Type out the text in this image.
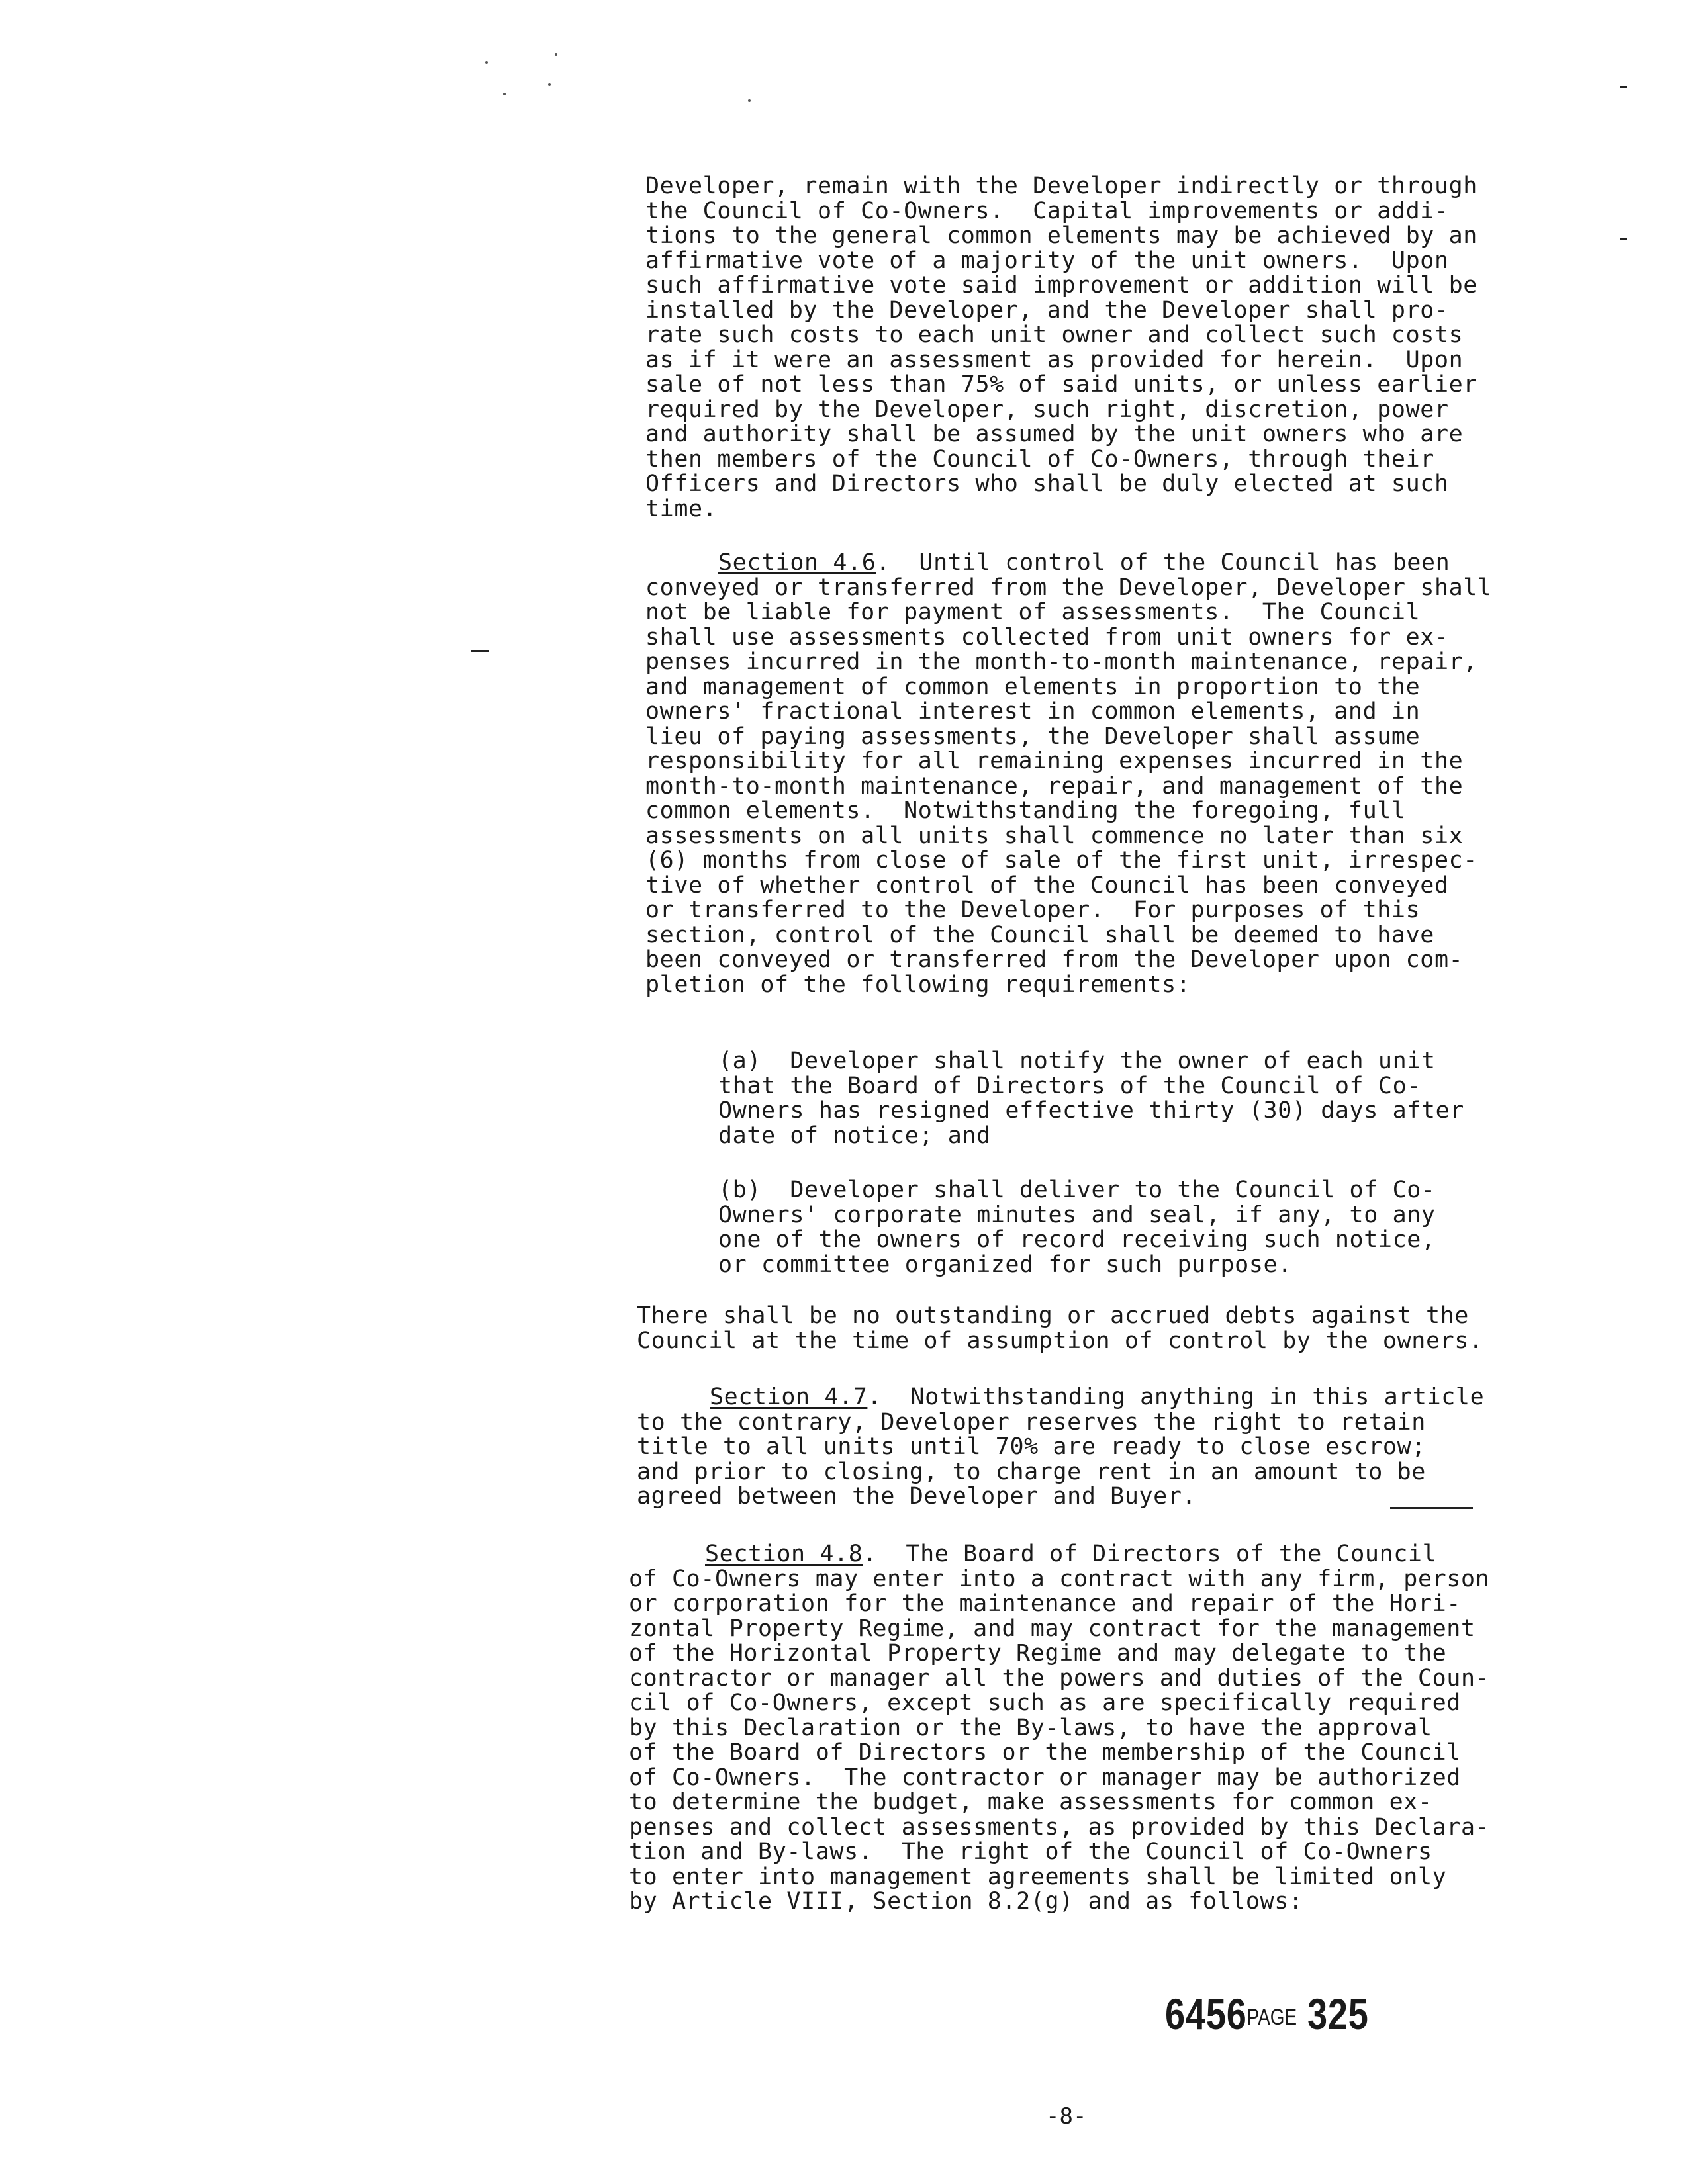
Developer, remain with the Developer indirectly or through

the Council of Co-Owners.  Capital improvements or addi-

tions to the general common elements may be achieved by an

affirmative vote of a majority of the unit owners.  Upon

such affirmative vote said improvement or addition will be

installed by the Developer, and the Developer shall pro-

rate such costs to each unit owner and collect such costs

as if it were an assessment as provided for herein.  Upon

sale of not less than 75% of said units, or unless earlier

required by the Developer, such right, discretion, power

and authority shall be assumed by the unit owners who are

then members of the Council of Co-Owners, through their

Officers and Directors who shall be duly elected at such

time.

Section 4.6.  Until control of the Council has been

conveyed or transferred from the Developer, Developer shall

not be liable for payment of assessments.  The Council

shall use assessments collected from unit owners for ex-

penses incurred in the month-to-month maintenance, repair,

and management of common elements in proportion to the

owners' fractional interest in common elements, and in

lieu of paying assessments, the Developer shall assume

responsibility for all remaining expenses incurred in the

month-to-month maintenance, repair, and management of the

common elements.  Notwithstanding the foregoing, full

assessments on all units shall commence no later than six

(6) months from close of sale of the first unit, irrespec-

tive of whether control of the Council has been conveyed

or transferred to the Developer.  For purposes of this

section, control of the Council shall be deemed to have

been conveyed or transferred from the Developer upon com-

pletion of the following requirements:

(a)  Developer shall notify the owner of each unit

that the Board of Directors of the Council of Co-

Owners has resigned effective thirty (30) days after

date of notice; and

(b)  Developer shall deliver to the Council of Co-

Owners' corporate minutes and seal, if any, to any

one of the owners of record receiving such notice,

or committee organized for such purpose.

There shall be no outstanding or accrued debts against the

Council at the time of assumption of control by the owners.

Section 4.7.  Notwithstanding anything in this article

to the contrary, Developer reserves the right to retain

title to all units until 70% are ready to close escrow;

and prior to closing, to charge rent in an amount to be

agreed between the Developer and Buyer.

Section 4.8.  The Board of Directors of the Council

of Co-Owners may enter into a contract with any firm, person

or corporation for the maintenance and repair of the Hori-

zontal Property Regime, and may contract for the management

of the Horizontal Property Regime and may delegate to the

contractor or manager all the powers and duties of the Coun-

cil of Co-Owners, except such as are specifically required

by this Declaration or the By-laws, to have the approval

of the Board of Directors or the membership of the Council

of Co-Owners.  The contractor or manager may be authorized

to determine the budget, make assessments for common ex-

penses and collect assessments, as provided by this Declara-

tion and By-laws.  The right of the Council of Co-Owners

to enter into management agreements shall be limited only

by Article VIII, Section 8.2(g) and as follows:

6456PAGE 325
-8-
